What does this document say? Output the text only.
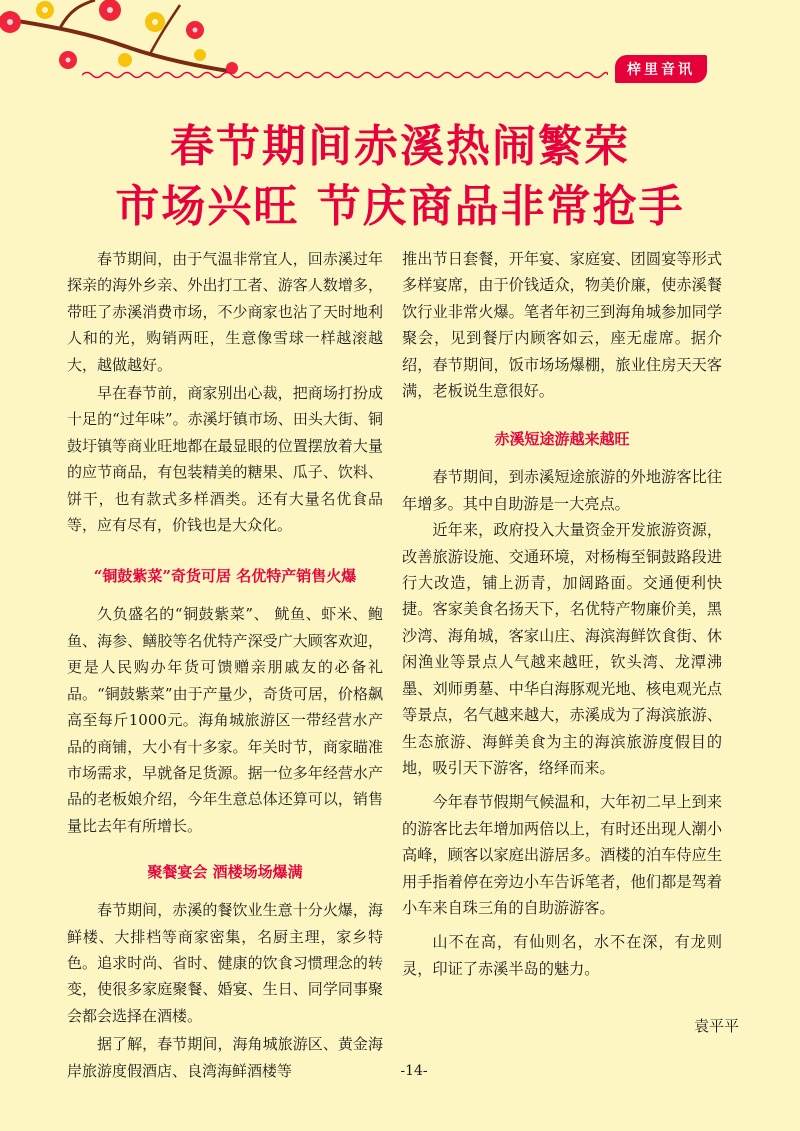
梓里音讯
春节期间赤溪热闹繁荣
市场兴旺 节庆商品非常抢手

春节期间，由于气温非常宜人，回赤溪过年探亲的海外乡亲、外出打工者、游客人数增多，带旺了赤溪消费市场，不少商家也沾了天时地利人和的光，购销两旺，生意像雪球一样越滚越大，越做越好。

早在春节前，商家别出心裁，把商场打扮成十足的“过年味”。赤溪圩镇市场、田头大街、铜鼓圩镇等商业旺地都在最显眼的位置摆放着大量的应节商品，有包装精美的糖果、瓜子、饮料、饼干，也有款式多样酒类。还有大量名优食品等，应有尽有，价钱也是大众化。

“铜鼓紫菜”奇货可居 名优特产销售火爆

久负盛名的“铜鼓紫菜”、 鱿鱼、虾米、鲍鱼、海参、鳝胶等名优特产深受广大顾客欢迎，更是人民购办年货可馈赠亲朋戚友的必备礼品。“铜鼓紫菜”由于产量少，奇货可居，价格飙高至每斤1000元。海角城旅游区一带经营水产品的商铺，大小有十多家。年关时节，商家瞄准市场需求，早就备足货源。据一位多年经营水产品的老板娘介绍，今年生意总体还算可以，销售量比去年有所增长。

聚餐宴会 酒楼场场爆满

春节期间，赤溪的餐饮业生意十分火爆，海鲜楼、大排档等商家密集，名厨主理，家乡特色。追求时尚、省时、健康的饮食习惯理念的转变，使很多家庭聚餐、婚宴、生日、同学同事聚会都会选择在酒楼。

据了解，春节期间，海角城旅游区、黄金海岸旅游度假酒店、良湾海鲜酒楼等

推出节日套餐，开年宴、家庭宴、团圆宴等形式多样宴席，由于价钱适众，物美价廉，使赤溪餐饮行业非常火爆。笔者年初三到海角城参加同学聚会，见到餐厅内顾客如云，座无虚席。据介绍，春节期间，饭市场场爆棚，旅业住房天天客满，老板说生意很好。

赤溪短途游越来越旺

春节期间，到赤溪短途旅游的外地游客比往年增多。其中自助游是一大亮点。

近年来，政府投入大量资金开发旅游资源，改善旅游设施、交通环境，对杨梅至铜鼓路段进行大改造，铺上沥青，加阔路面。交通便利快捷。客家美食名扬天下，名优特产物廉价美，黑沙湾、海角城，客家山庄、海滨海鲜饮食街、休闲渔业等景点人气越来越旺，钦头湾、龙潭沸墨、刘师勇墓、中华白海豚观光地、核电观光点等景点，名气越来越大，赤溪成为了海滨旅游、生态旅游、海鲜美食为主的海滨旅游度假目的地，吸引天下游客，络绎而来。

今年春节假期气候温和，大年初二早上到来的游客比去年增加两倍以上，有时还出现人潮小高峰，顾客以家庭出游居多。酒楼的泊车侍应生用手指着停在旁边小车告诉笔者，他们都是驾着小车来自珠三角的自助游游客。

山不在高，有仙则名，水不在深，有龙则灵，印证了赤溪半岛的魅力。

袁平平

-14-
